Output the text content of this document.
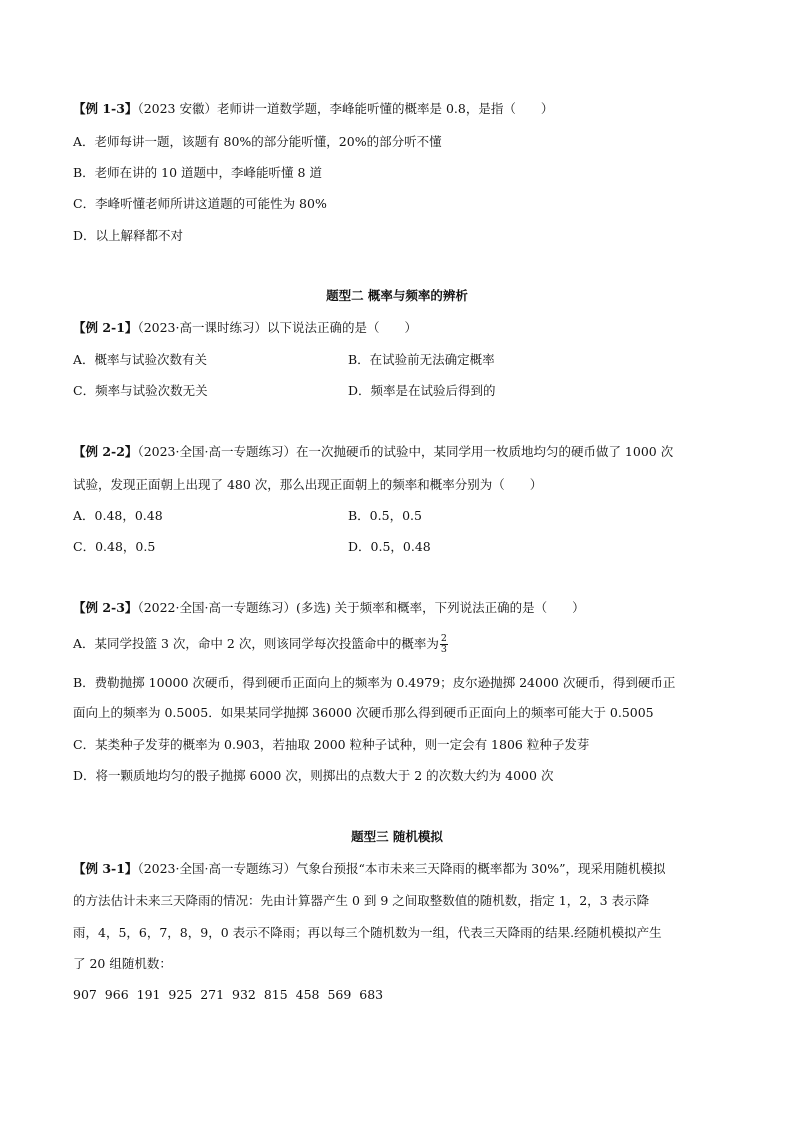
【例 1-3】（2023 安徽）老师讲一道数学题，李峰能听懂的概率是 0.8，是指（　　）
A．老师每讲一题，该题有 80%的部分能听懂，20%的部分听不懂
B．老师在讲的 10 道题中，李峰能听懂 8 道
C．李峰听懂老师所讲这道题的可能性为 80%
D．以上解释都不对
题型二 概率与频率的辨析
【例 2-1】（2023·高一课时练习）以下说法正确的是（　　）
A．概率与试验次数有关	B．在试验前无法确定概率
C．频率与试验次数无关	D．频率是在试验后得到的
【例 2-2】（2023·全国·高一专题练习）在一次抛硬币的试验中，某同学用一枚质地均匀的硬币做了 1000 次
试验，发现正面朝上出现了 480 次，那么出现正面朝上的频率和概率分别为（　　）
A．0.48，0.48	B．0.5，0.5
C．0.48，0.5	D．0.5，0.48
【例 2-3】（2022·全国·高一专题练习）(多选) 关于频率和概率，下列说法正确的是（　　）
A．某同学投篮 3 次，命中 2 次，则该同学每次投篮命中的概率为 $\frac{2}{3}$
B．费勒抛掷 10000 次硬币，得到硬币正面向上的频率为 0.4979；皮尔逊抛掷 24000 次硬币，得到硬币正
面向上的频率为 0.5005．如果某同学抛掷 36000 次硬币那么得到硬币正面向上的频率可能大于 0.5005
C．某类种子发芽的概率为 0.903，若抽取 2000 粒种子试种，则一定会有 1806 粒种子发芽
D．将一颗质地均匀的骰子抛掷 6000 次，则掷出的点数大于 2 的次数大约为 4000 次
题型三 随机模拟
【例 3-1】（2023·全国·高一专题练习）气象台预报“本市未来三天降雨的概率都为 30%”，现采用随机模拟
的方法估计未来三天降雨的情况：先由计算器产生 0 到 9 之间取整数值的随机数，指定 1，2，3 表示降
雨，4，5，6，7，8，9，0 表示不降雨；再以每三个随机数为一组，代表三天降雨的结果.经随机模拟产生
了 20 组随机数：
907  966  191  925  271  932  815  458  569  683
